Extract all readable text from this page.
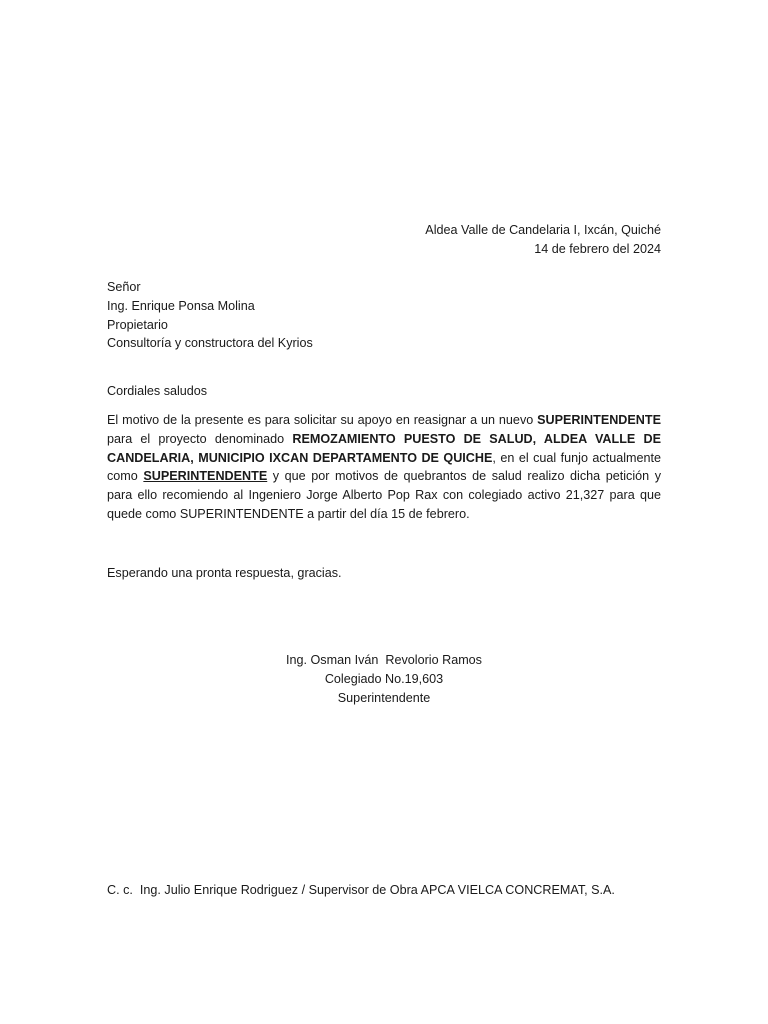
Aldea Valle de Candelaria I, Ixcán, Quiché
14 de febrero del 2024
Señor
Ing. Enrique Ponsa Molina
Propietario
Consultoría y constructora del Kyrios
Cordiales saludos
El motivo de la presente es para solicitar su apoyo en reasignar a un nuevo SUPERINTENDENTE para el proyecto denominado REMOZAMIENTO PUESTO DE SALUD, ALDEA VALLE DE CANDELARIA, MUNICIPIO IXCAN DEPARTAMENTO DE QUICHE, en el cual funjo actualmente como SUPERINTENDENTE y que por motivos de quebrantos de salud realizo dicha petición y para ello recomiendo al Ingeniero Jorge Alberto Pop Rax con colegiado activo 21,327 para que quede como SUPERINTENDENTE a partir del día 15 de febrero.
Esperando una pronta respuesta, gracias.
Ing. Osman Iván  Revolorio Ramos
Colegiado No.19,603
Superintendente
C. c.  Ing. Julio Enrique Rodriguez / Supervisor de Obra APCA VIELCA CONCREMAT, S.A.
